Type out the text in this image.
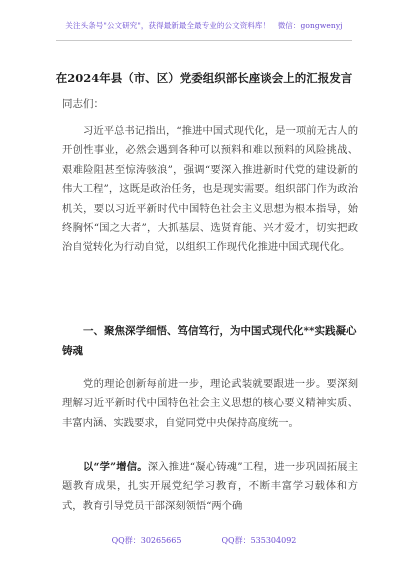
关注头条号"公文研究"，获得最新最全最专业的公文资料库！　微信：gongwenyj
在2024年县（市、区）党委组织部长座谈会上的汇报发言
同志们：
习近平总书记指出，“推进中国式现代化，是一项前无古人的开创性事业，必然会遇到各种可以预料和难以预料的风险挑战、艰难险阻甚至惊涛骇浪”，强调“要深入推进新时代党的建设新的伟大工程”，这既是政治任务，也是现实需要。组织部门作为政治机关，要以习近平新时代中国特色社会主义思想为根本指导，始终胸怀“国之大者”，大抓基层、选贤育能、兴才爱才，切实把政治自觉转化为行动自觉，以组织工作现代化推进中国式现代化。
一、聚焦深学细悟、笃信笃行，为中国式现代化**实践凝心铸魂
党的理论创新每前进一步，理论武装就要跟进一步。要深刻理解习近平新时代中国特色社会主义思想的核心要义精神实质、丰富内涵、实践要求，自觉同党中央保持高度统一。
以“学”增信。深入推进“凝心铸魂”工程，进一步巩固拓展主题教育成果，扎实开展党纪学习教育，不断丰富学习载体和方式，教育引导党员干部深刻领悟“两个确
QQ群：30265665	QQ群：535304092
